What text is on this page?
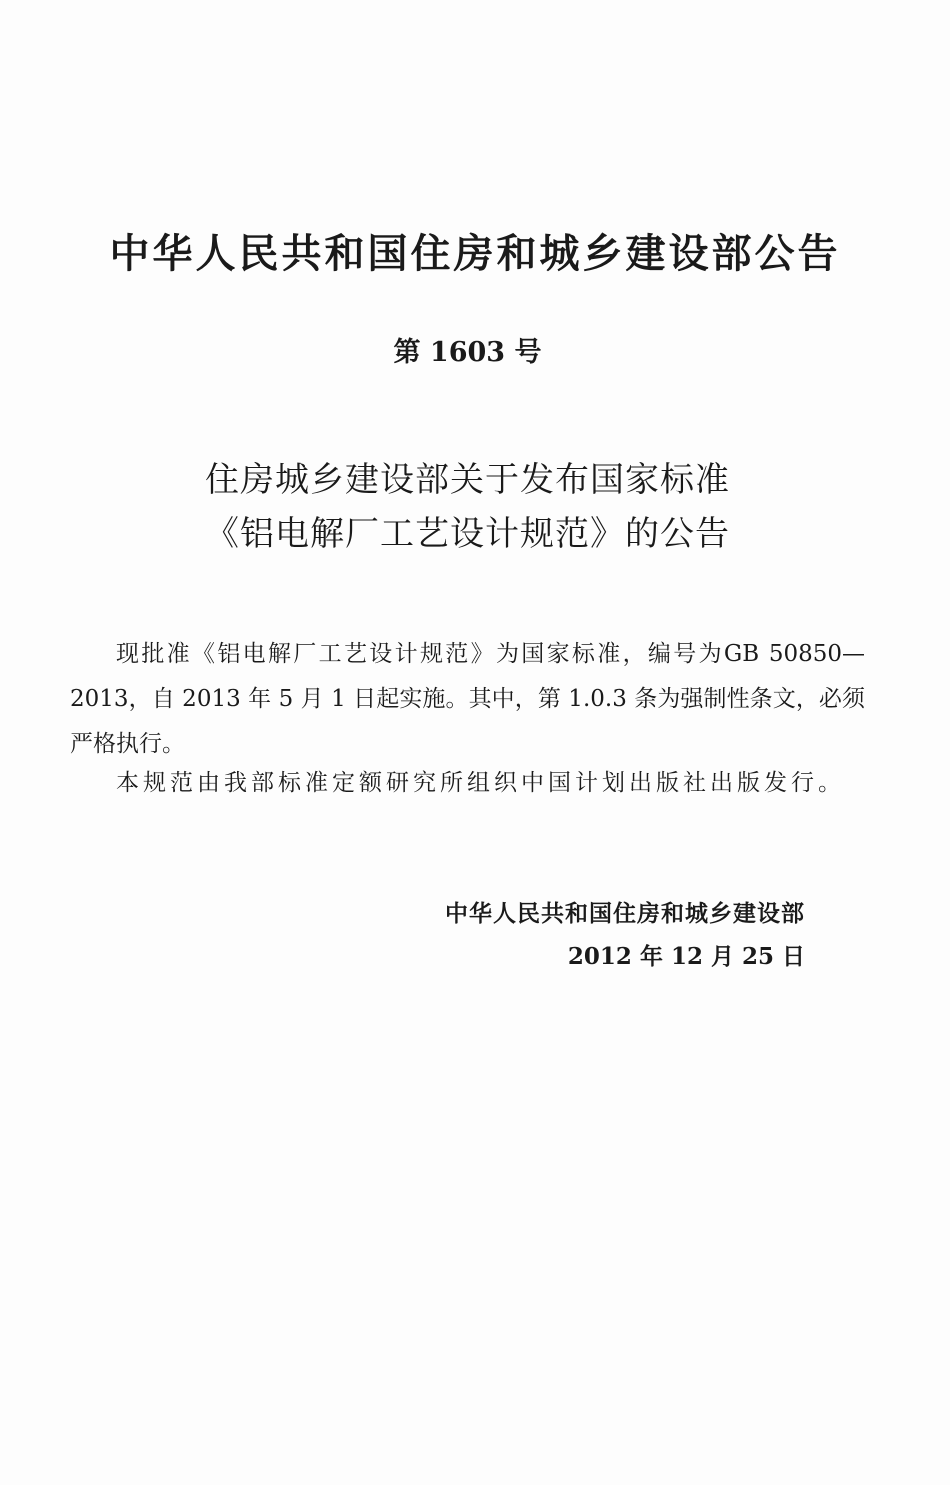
中华人民共和国住房和城乡建设部公告
第 1603 号
住房城乡建设部关于发布国家标准
《铝电解厂工艺设计规范》的公告
现批准《铝电解厂工艺设计规范》为国家标准，编号为GB 50850—2013，自 2013 年 5 月 1 日起实施。其中，第 1.0.3 条为强制性条文，必须严格执行。
本规范由我部标准定额研究所组织中国计划出版社出版发行。
中华人民共和国住房和城乡建设部
2012 年 12 月 25 日
